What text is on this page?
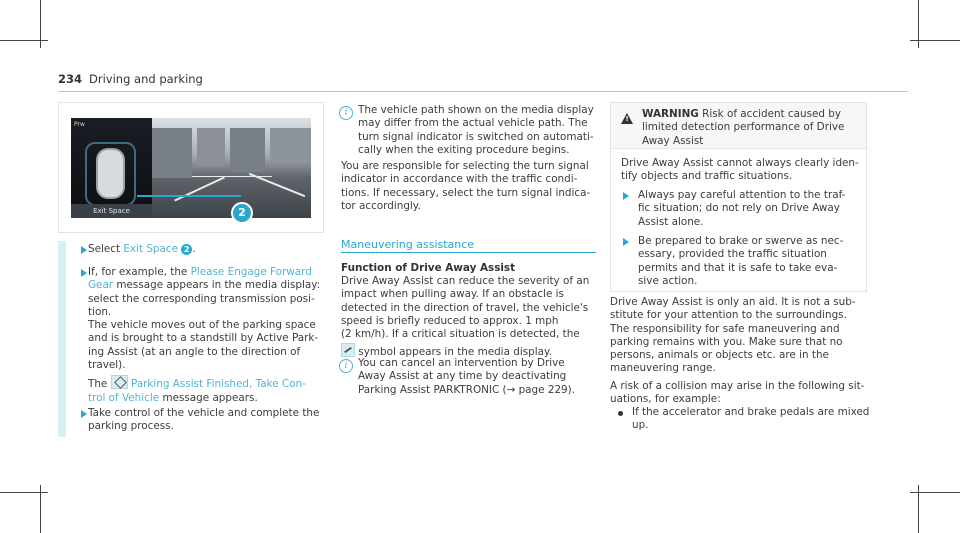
234 Driving and parking
Prw
Exit Space	2
Select Exit Space 2 .
If, for example, the Please Engage Forward
Gear message appears in the media display:
select the corresponding transmission posi-
tion.
The vehicle moves out of the parking space
and is brought to a standstill by Active Park-
ing Assist (at an angle to the direction of
travel).
The  Parking Assist Finished, Take Con-
trol of Vehicle message appears.
Take control of the vehicle and complete the
parking process.
i	The vehicle path shown on the media display
may differ from the actual vehicle path. The
turn signal indicator is switched on automati-
cally when the exiting procedure begins.
You are responsible for selecting the turn signal
indicator in accordance with the traffic condi-
tions. If necessary, select the turn signal indica-
tor accordingly.
Maneuvering assistance
Function of Drive Away Assist
Drive Away Assist can reduce the severity of an
impact when pulling away. If an obstacle is
detected in the direction of travel, the vehicle's
speed is briefly reduced to approx. 1 mph
(2 km/h). If a critical situation is detected, the
symbol appears in the media display.
i	You can cancel an intervention by Drive
Away Assist at any time by deactivating
Parking Assist PARKTRONIC (→ page 229).
! WARNING Risk of accident caused by
limited detection performance of Drive
Away Assist
Drive Away Assist cannot always clearly iden-
tify objects and traffic situations.
Always pay careful attention to the traf-
fic situation; do not rely on Drive Away
Assist alone.
Be prepared to brake or swerve as nec-
essary, provided the traffic situation
permits and that it is safe to take eva-
sive action.
Drive Away Assist is only an aid. It is not a sub-
stitute for your attention to the surroundings.
The responsibility for safe maneuvering and
parking remains with you. Make sure that no
persons, animals or objects etc. are in the
maneuvering range.
A risk of a collision may arise in the following sit-
uations, for example:
If the accelerator and brake pedals are mixed
up.
